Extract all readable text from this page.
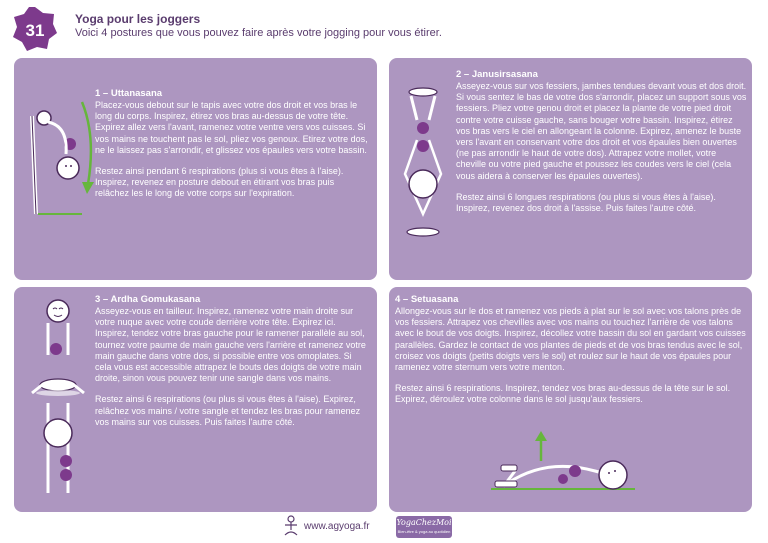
31
Yoga pour les joggers
Voici 4 postures que vous pouvez faire après votre jogging pour vous étirer.
1 – Uttanasana

Placez-vous debout sur le tapis avec votre dos droit et vos bras le long du corps. Inspirez, étirez vos bras au-dessus de votre tête. Expirez allez vers l'avant, ramenez votre ventre vers vos cuisses. Si vos mains ne touchent pas le sol, pliez vos genoux. Etirez votre dos, ne le laissez pas s'arrondir, et glissez vos épaules vers votre bassin.

Restez ainsi pendant 6 respirations (plus si vous êtes à l'aise). Inspirez, revenez en posture debout en étirant vos bras puis relâchez les le long de votre corps sur l'expiration.

2 – Janusirsasana

Asseyez-vous sur vos fessiers, jambes tendues devant vous et dos droit. Si vous sentez le bas de votre dos s'arrondir, placez un support sous vos fessiers. Pliez votre genou droit et placez la plante de votre pied droit contre votre cuisse gauche, sans bouger votre bassin. Inspirez, étirez vos bras vers le ciel en allongeant la colonne. Expirez, amenez le buste vers l'avant en conservant votre dos droit et vos épaules bien ouvertes (ne pas arrondir le haut de votre dos). Attrapez votre mollet, votre cheville ou votre pied gauche et poussez les coudes vers le ciel (cela vous aidera à conserver les épaules ouvertes).

Restez ainsi 6 longues respirations (ou plus si vous êtes à l'aise). Inspirez, revenez dos droit à l'assise. Puis faites l'autre côté.

3 – Ardha Gomukasana

Asseyez-vous en tailleur. Inspirez, ramenez votre main droite sur votre nuque avec votre coude derrière votre tête. Expirez ici. Inspirez, tendez votre bras gauche pour le ramener parallèle au sol, tournez votre paume de main gauche vers l'arrière et ramenez votre main gauche dans votre dos, si possible entre vos omoplates. Si cela vous est accessible attrapez le bouts des doigts de votre main droite, sinon vous pouvez tenir une sangle dans vos mains.

Restez ainsi 6 respirations (ou plus si vous êtes à l'aise). Expirez, relâchez vos mains / votre sangle et tendez les bras pour ramenez vos mains sur vos cuisses. Puis faites l'autre côté.

4 – Setuasana

Allongez-vous sur le dos et ramenez vos pieds à plat sur le sol avec vos talons près de vos fessiers. Attrapez vos chevilles avec vos mains ou touchez l'arrière de vos talons avec le bout de vos doigts. Inspirez, décollez votre bassin du sol en gardant vos cuisses parallèles. Gardez le contact de vos plantes de pieds et de vos bras tendus avec le sol, croisez vos doigts (petits doigts vers le sol) et roulez sur le haut de vos épaules pour ramenez votre sternum vers votre menton.

Restez ainsi 6 respirations. Inspirez, tendez vos bras au-dessus de la tête sur le sol. Expirez, déroulez votre colonne dans le sol jusqu'aux fessiers.

www.agyoga.fr	YogaChezMoi
Bien-être & yoga au quotidien
